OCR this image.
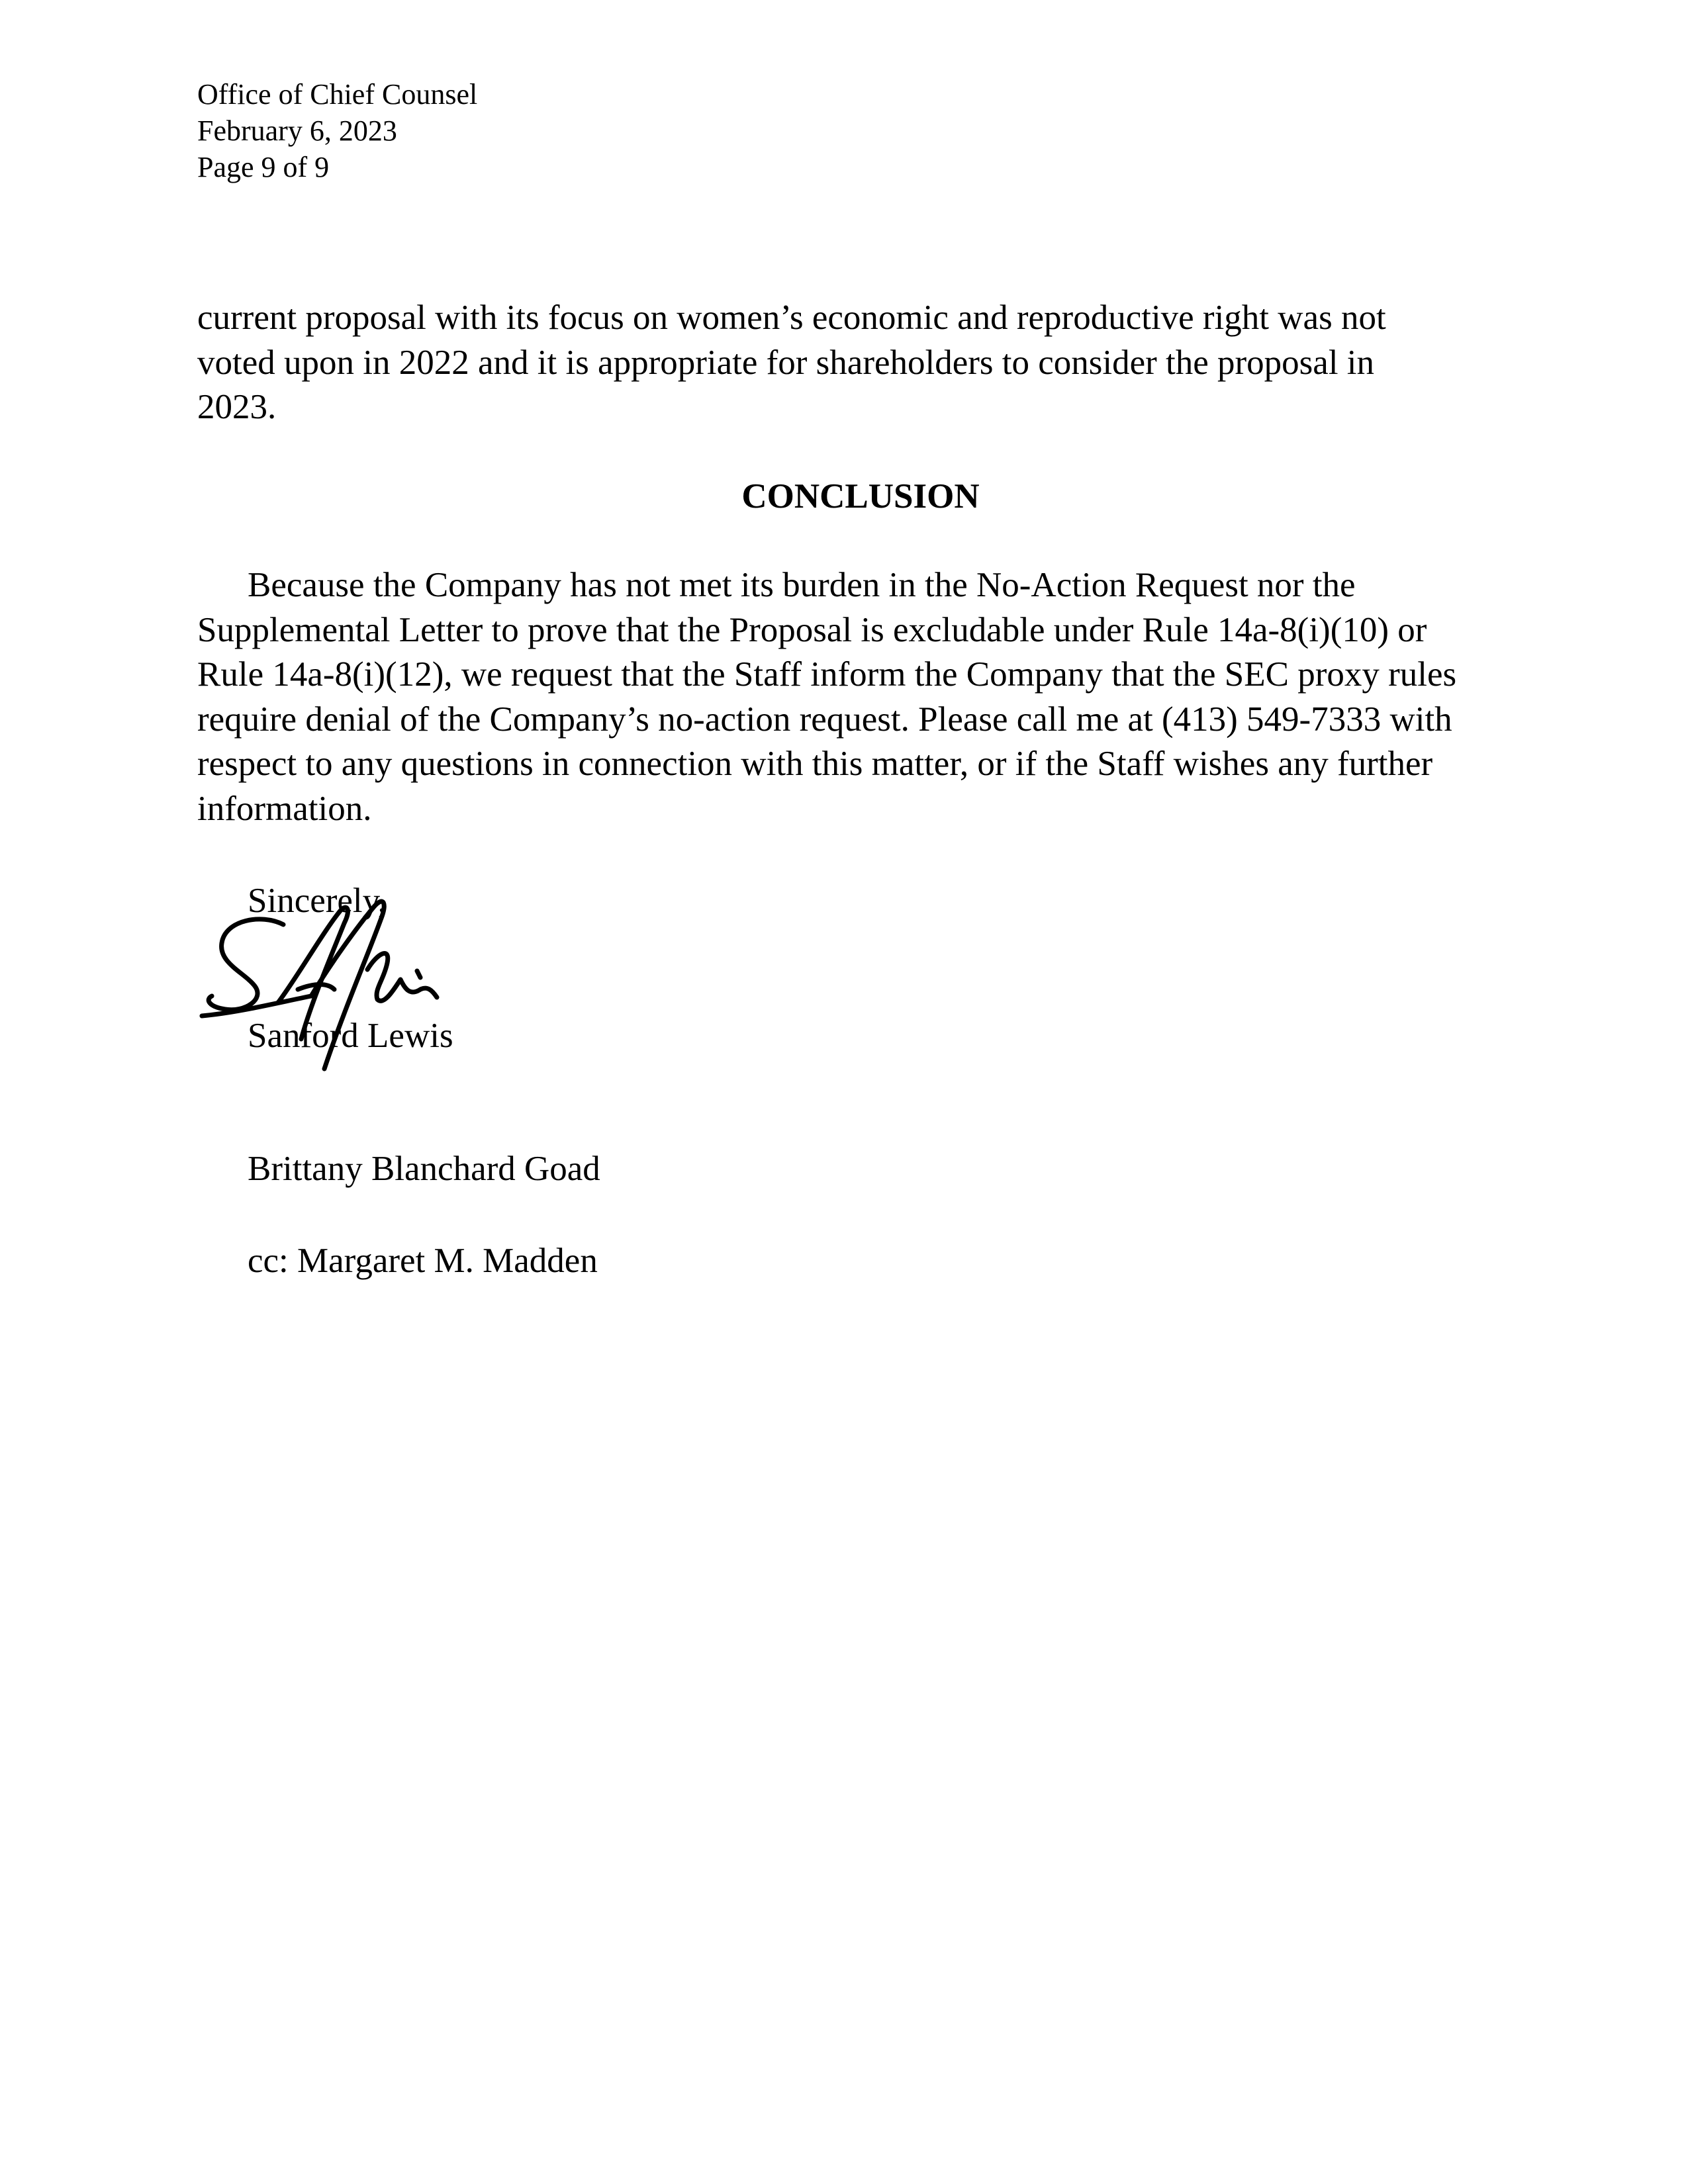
Office of Chief Counsel
February 6, 2023
Page 9 of 9
current proposal with its focus on women’s economic and reproductive right was not
voted upon in 2022 and it is appropriate for shareholders to consider the proposal in
2023.
CONCLUSION
Because the Company has not met its burden in the No-Action Request nor the
Supplemental Letter to prove that the Proposal is excludable under Rule 14a-8(i)(10) or
Rule 14a-8(i)(12), we request that the Staff inform the Company that the SEC proxy rules
require denial of the Company’s no-action request. Please call me at (413) 549-7333 with
respect to any questions in connection with this matter, or if the Staff wishes any further
information.
Sincerely,
Sanford Lewis
Brittany Blanchard Goad
cc: Margaret M. Madden
